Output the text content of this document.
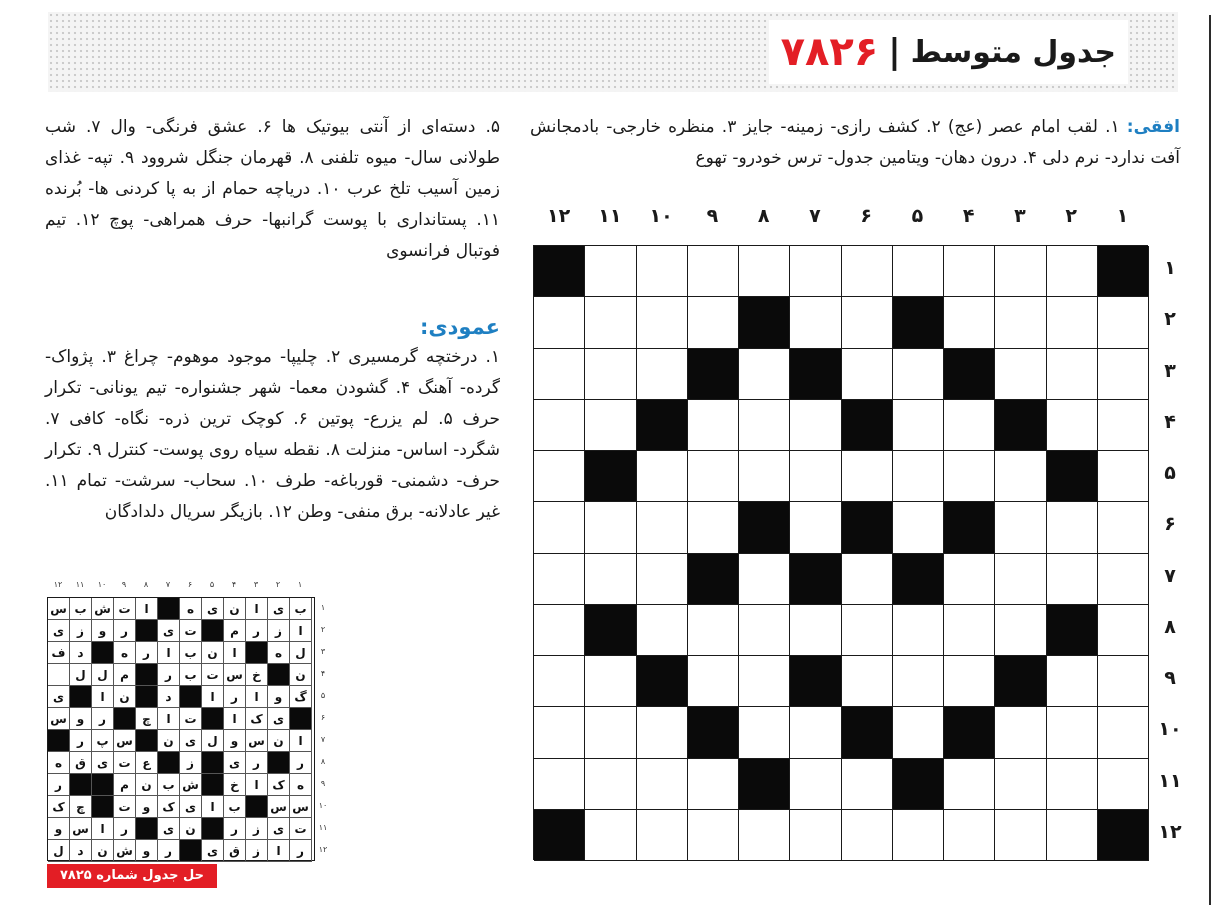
جدول متوسط
|
۷۸۲۶
افقی: ۱. لقب امام عصر (عج) ۲. کشف رازی- زمینه- جایز ۳. منظره خارجی- بادمجانش آفت ندارد- نرم دلی ۴. درون دهان- ویتامین جدول- ترس خودرو- تهوع
۵. دسته‌ای از آنتی بیوتیک ها ۶. عشق فرنگی- وال ۷. شب طولانی سال- میوه تلفنی ۸. قهرمان جنگل شروود ۹. تپه- غذای زمین آسیب تلخ عرب ۱۰. دریاچه حمام از به پا کردنی ها- بُرنده ۱۱. پستانداری با پوست گرانبها- حرف همراهی- پوچ ۱۲. تیم فوتبال فرانسوی
عمودی:
۱. درختچه گرمسیری ۲. چلیپا- موجود موهوم- چراغ ۳. پژواک- گرده- آهنگ ۴. گشودن معما- شهر جشنواره- تیم یونانی- تکرار حرف ۵. لم یزرع- پوتین ۶. کوچک ترین ذره- نگاه- کافی ۷. شگرد- اساس- منزلت ۸. نقطه سیاه روی پوست- کنترل ۹. تکرار حرف- دشمنی- قورباغه- طرف ۱۰. سحاب- سرشت- تمام ۱۱. غیر عادلانه- برق منفی- وطن ۱۲. بازیگر سریال دلدادگان
۱
۲
۳
۴
۵
۶
۷
۸
۹
۱۰
۱۱
۱۲
۱
۲
۳
۴
۵
۶
۷
۸
۹
۱۰
۱۱
۱۲
۱
۲
۳
۴
۵
۶
۷
۸
۹
۱۰
۱۱
۱۲
ب
ی
ا
ن
ی
ه
ا
ت
ش
ب
س
ا
ز
ر
م
ت
ی
ر
و
ز
ی
ل
ه
ا
ن
ب
ا
ر
ه
د
ف
ن
خ
س
ت
ب
ر
م
ل
ل
گ
و
ا
ر
ا
د
ن
ا
ی
ی
ک
ا
ت
ا
چ
ر
و
س
ا
ن
س
و
ل
ی
ن
س
پ
ر
ر
ر
ی
ز
ع
ت
ی
ق
ه
ه
ک
ا
خ
ش
ب
ن
م
ر
س
س
ب
ا
ی
ک
و
ت
چ
ک
ت
ی
ز
ر
ن
ی
ر
ا
س
و
ر
ا
ز
ق
ی
ر
و
ش
ن
د
ل
۱
۲
۳
۴
۵
۶
۷
۸
۹
۱۰
۱۱
۱۲
حل جدول شماره ۷۸۲۵
